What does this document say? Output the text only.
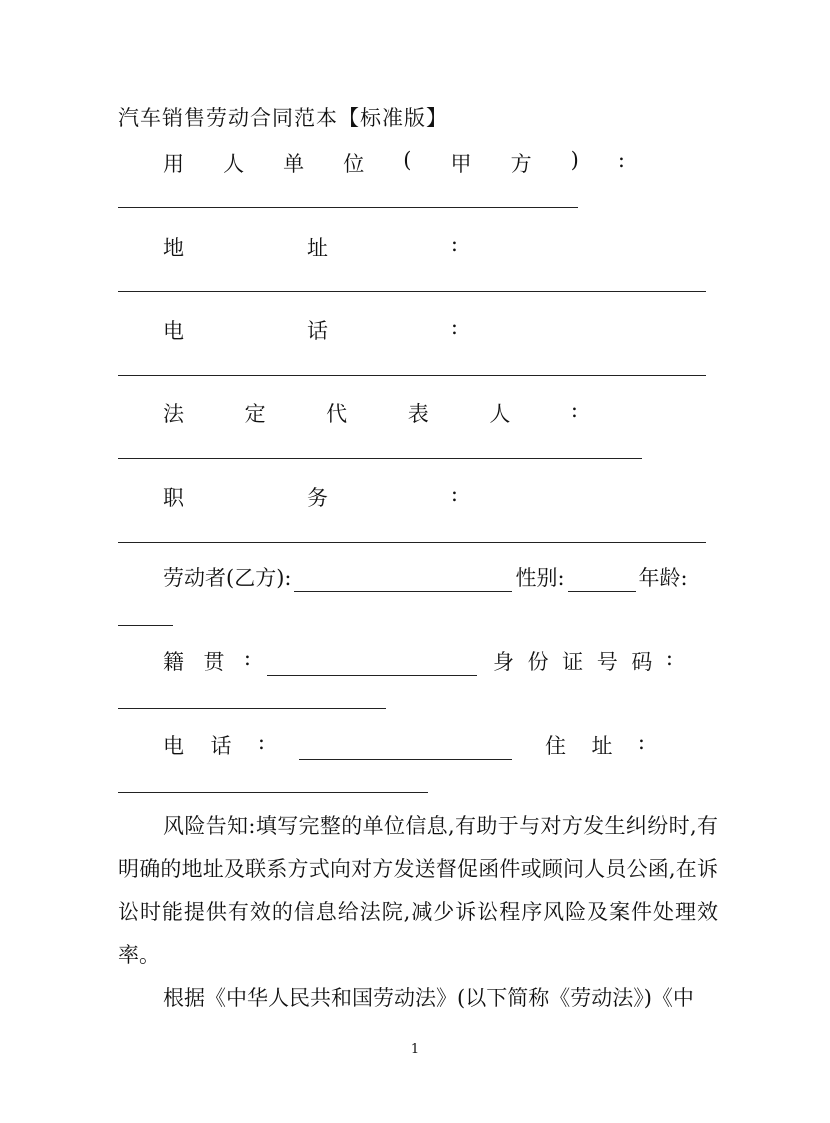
汽车销售劳动合同范本【标准版】
用 人 单 位 ( 甲 方 ) :
地	址	:
电	话	:
法	定	代	表	人	:
职	务	:
劳动者(乙方):	性别:	年龄:
籍 贯 :	身 份 证 号 码 :
电 话 :	住 址 :
风险告知:填写完整的单位信息,有助于与对方发生纠纷时,有明确的地址及联系方式向对方发送督促函件或顾问人员公函,在诉讼时能提供有效的信息给法院,减少诉讼程序风险及案件处理效率。
根据《中华人民共和国劳动法》(以下简称《劳动法》)《中
1
